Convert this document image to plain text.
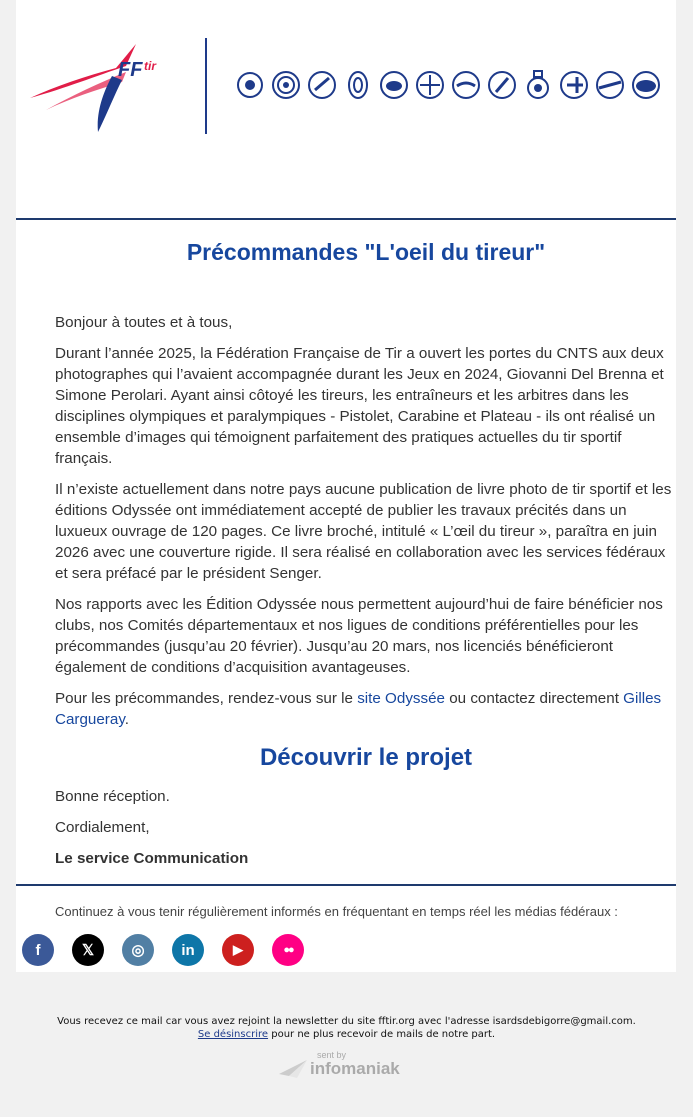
FF tir
Précommandes "L'oeil du tireur"

Bonjour à toutes et à tous,

Durant l’année 2025, la Fédération Française de Tir a ouvert les portes du CNTS aux deux photographes qui l’avaient accompagnée durant les Jeux en 2024, Giovanni Del Brenna et Simone Perolari. Ayant ainsi côtoyé les tireurs, les entraîneurs et les arbitres dans les disciplines olympiques et paralympiques - Pistolet, Carabine et Plateau - ils ont réalisé un ensemble d’images qui témoignent parfaitement des pratiques actuelles du tir sportif français.

Il n’existe actuellement dans notre pays aucune publication de livre photo de tir sportif et les éditions Odyssée ont immédiatement accepté de publier les travaux précités dans un luxueux ouvrage de 120 pages. Ce livre broché, intitulé « L’œil du tireur », paraîtra en juin 2026 avec une couverture rigide. Il sera réalisé en collaboration avec les services fédéraux et sera préfacé par le président Senger.

Nos rapports avec les Édition Odyssée nous permettent aujourd’hui de faire bénéficier nos clubs, nos Comités départementaux et nos ligues de conditions préférentielles pour les précommandes (jusqu’au 20 février). Jusqu’au 20 mars, nos licenciés bénéficieront également de conditions d’acquisition avantageuses.

Pour les précommandes, rendez-vous sur le site Odyssée ou contactez directement Gilles Cargueray.

Découvrir le projet

Bonne réception.

Cordialement,

Le service Communication

Continuez à vous tenir régulièrement informés en fréquentant en temps réel les médias fédéraux :
f	𝕏	◎	in	▶	●●
Vous recevez ce mail car vous avez rejoint la newsletter du site fftir.org avec l'adresse isardsdebigorre@gmail.com.
Se désinscrire pour ne plus recevoir de mails de notre part.
sent by
infomaniak
